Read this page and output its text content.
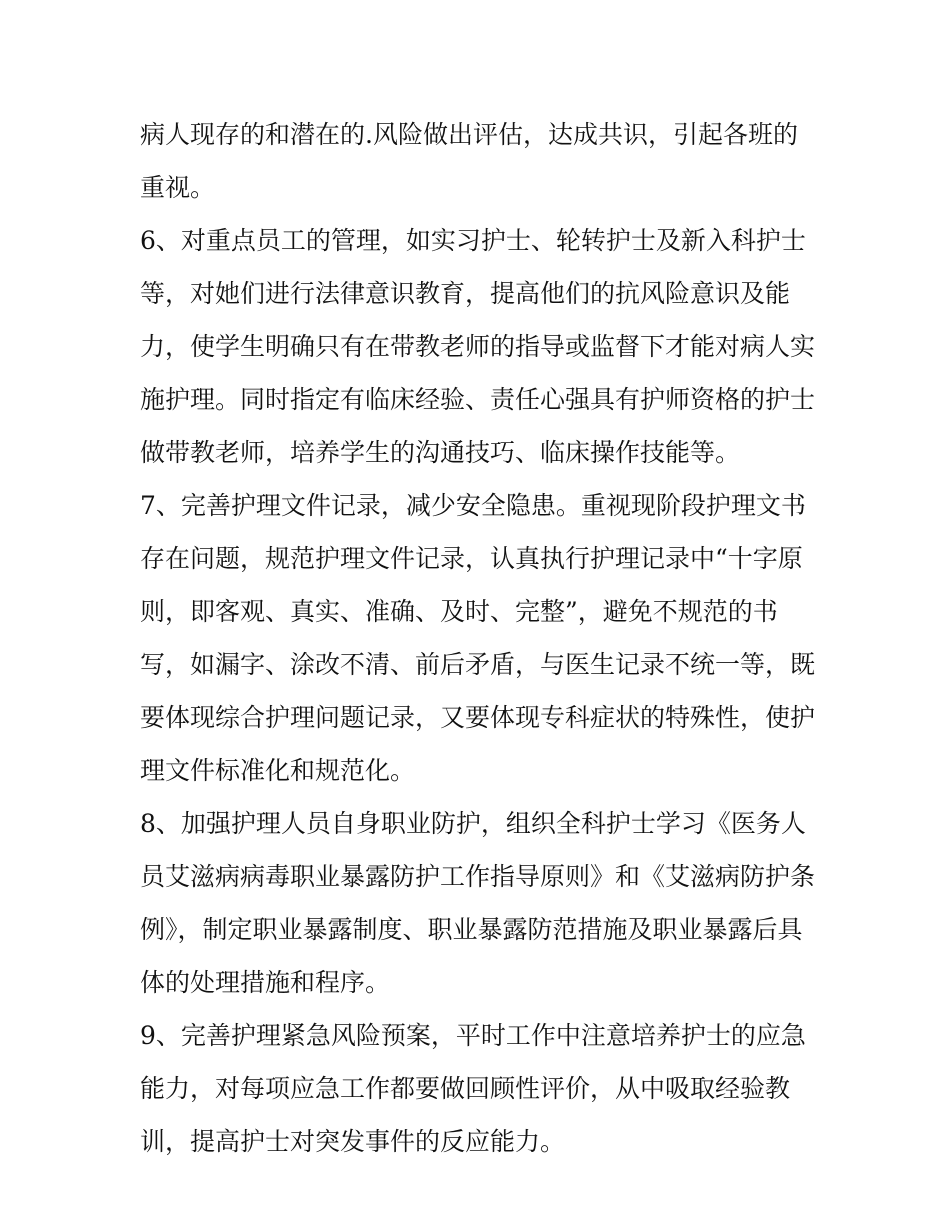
病人现存的和潜在的.风险做出评估，达成共识，引起各班的
重视。
6、对重点员工的管理，如实习护士、轮转护士及新入科护士
等，对她们进行法律意识教育，提高他们的抗风险意识及能
力，使学生明确只有在带教老师的指导或监督下才能对病人实
施护理。同时指定有临床经验、责任心强具有护师资格的护士
做带教老师，培养学生的沟通技巧、临床操作技能等。
7、完善护理文件记录，减少安全隐患。重视现阶段护理文书
存在问题，规范护理文件记录，认真执行护理记录中“十字原
则，即客观、真实、准确、及时、完整”，避免不规范的书
写，如漏字、涂改不清、前后矛盾，与医生记录不统一等，既
要体现综合护理问题记录，又要体现专科症状的特殊性，使护
理文件标准化和规范化。
8、加强护理人员自身职业防护，组织全科护士学习《医务人
员艾滋病病毒职业暴露防护工作指导原则》和《艾滋病防护条
例》，制定职业暴露制度、职业暴露防范措施及职业暴露后具
体的处理措施和程序。
9、完善护理紧急风险预案，平时工作中注意培养护士的应急
能力，对每项应急工作都要做回顾性评价，从中吸取经验教
训，提高护士对突发事件的反应能力。
